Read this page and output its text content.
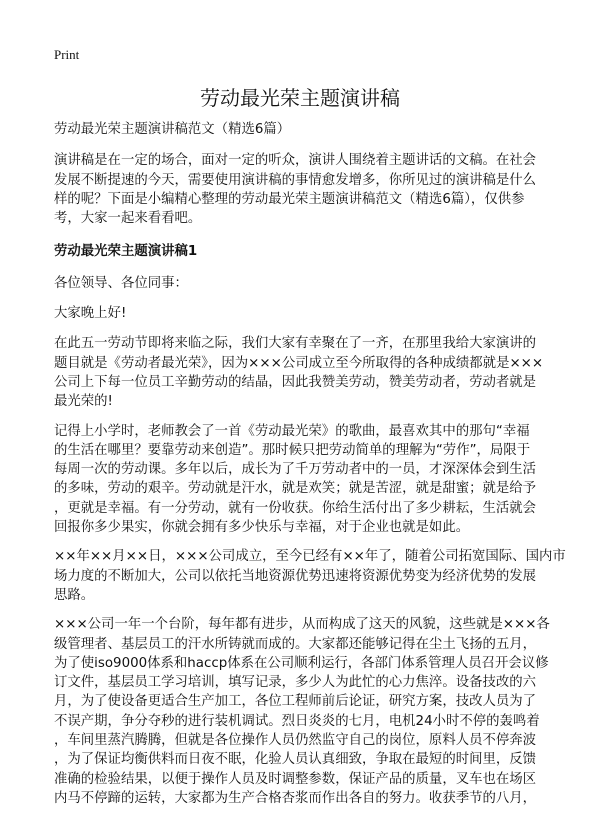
Print
劳动最光荣主题演讲稿
劳动最光荣主题演讲稿范文（精选6篇）
演讲稿是在一定的场合，面对一定的听众，演讲人围绕着主题讲话的文稿。在社会
发展不断提速的今天，需要使用演讲稿的事情愈发增多，你所见过的演讲稿是什么
样的呢？下面是小编精心整理的劳动最光荣主题演讲稿范文（精选6篇），仅供参
考，大家一起来看看吧。
劳动最光荣主题演讲稿1
各位领导、各位同事：
大家晚上好!
在此五一劳动节即将来临之际，我们大家有幸聚在了一齐，在那里我给大家演讲的
题目就是《劳动者最光荣》，因为×××公司成立至今所取得的各种成绩都就是×××
公司上下每一位员工辛勤劳动的结晶，因此我赞美劳动，赞美劳动者，劳动者就是
最光荣的!
记得上小学时，老师教会了一首《劳动最光荣》的歌曲，最喜欢其中的那句“幸福
的生活在哪里？要靠劳动来创造”。那时候只把劳动简单的理解为“劳作”，局限于
每周一次的劳动课。多年以后，成长为了千万劳动者中的一员，才深深体会到生活
的多味，劳动的艰辛。劳动就是汗水，就是欢笑；就是苦涩，就是甜蜜；就是给予
，更就是幸福。有一分劳动，就有一份收获。你给生活付出了多少耕耘，生活就会
回报你多少果实，你就会拥有多少快乐与幸福，对于企业也就是如此。
××年××月××日，×××公司成立，至今已经有××年了，随着公司拓宽国际、国内市
场力度的不断加大，公司以依托当地资源优势迅速将资源优势变为经济优势的发展
思路。
×××公司一年一个台阶，每年都有进步，从而构成了这天的风貌，这些就是×××各
级管理者、基层员工的汗水所铸就而成的。大家都还能够记得在尘土飞扬的五月，
为了使iso9000体系和haccp体系在公司顺利运行，各部门体系管理人员召开会议修
订文件，基层员工学习培训，填写记录，多少人为此忙的心力焦淬。设备技改的六
月，为了使设备更适合生产加工，各位工程师前后论证，研究方案，技改人员为了
不误产期，争分夺秒的进行装机调试。烈日炎炎的七月，电机24小时不停的轰鸣着
，车间里蒸汽腾腾，但就是各位操作人员仍然监守自己的岗位，原料人员不停奔波
，为了保证均衡供料而日夜不眠，化验人员认真细致，争取在最短的时间里，反馈
准确的检验结果，以便于操作人员及时调整参数，保证产品的质量，叉车也在场区
内马不停蹄的运转，大家都为生产合格杏浆而作出各自的努力。收获季节的八月，
